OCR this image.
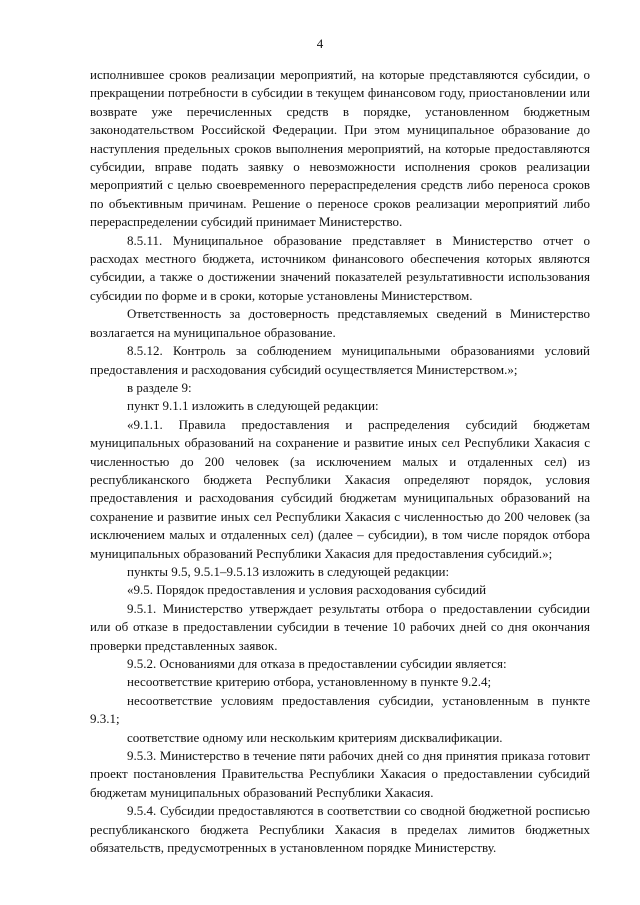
4

исполнившее сроков реализации мероприятий, на которые представляются субсидии, о прекращении потребности в субсидии в текущем финансовом году, приостановлении или возврате уже перечисленных средств в порядке, установленном бюджетным законодательством Российской Федерации. При этом муниципальное образование до наступления предельных сроков выполнения мероприятий, на которые предоставляются субсидии, вправе подать заявку о невозможности исполнения сроков реализации мероприятий с целью своевременного перераспределения средств либо переноса сроков по объективным причинам. Решение о переносе сроков реализации мероприятий либо перераспределении субсидий принимает Министерство.

8.5.11. Муниципальное образование представляет в Министерство отчет о расходах местного бюджета, источником финансового обеспечения которых являются субсидии, а также о достижении значений показателей результативности использования субсидии по форме и в сроки, которые установлены Министерством.

Ответственность за достоверность представляемых сведений в Министерство возлагается на муниципальное образование.

8.5.12. Контроль за соблюдением муниципальными образованиями условий предоставления и расходования субсидий осуществляется Министерством.»;

в разделе 9:

пункт 9.1.1 изложить в следующей редакции:

«9.1.1. Правила предоставления и распределения субсидий бюджетам муниципальных образований на сохранение и развитие иных сел Республики Хакасия с численностью до 200 человек (за исключением малых и отдаленных сел) из республиканского бюджета Республики Хакасия определяют порядок, условия предоставления и расходования субсидий бюджетам муниципальных образований на сохранение и развитие иных сел Республики Хакасия с численностью до 200 человек (за исключением малых и отдаленных сел) (далее – субсидии), в том числе порядок отбора муниципальных образований Республики Хакасия для предоставления субсидий.»;

пункты 9.5, 9.5.1–9.5.13 изложить в следующей редакции:

«9.5. Порядок предоставления и условия расходования субсидий

9.5.1. Министерство утверждает результаты отбора о предоставлении субсидии или об отказе в предоставлении субсидии в течение 10 рабочих дней со дня окончания проверки представленных заявок.

9.5.2. Основаниями для отказа в предоставлении субсидии является:

несоответствие критерию отбора, установленному в пункте 9.2.4;

несоответствие условиям предоставления субсидии, установленным в пункте 9.3.1;

соответствие одному или нескольким критериям дисквалификации.

9.5.3. Министерство в течение пяти рабочих дней со дня принятия приказа готовит проект постановления Правительства Республики Хакасия о предоставлении субсидий бюджетам муниципальных образований Республики Хакасия.

9.5.4. Субсидии предоставляются в соответствии со сводной бюджетной росписью республиканского бюджета Республики Хакасия в пределах лимитов бюджетных обязательств, предусмотренных в установленном порядке Министерству.
